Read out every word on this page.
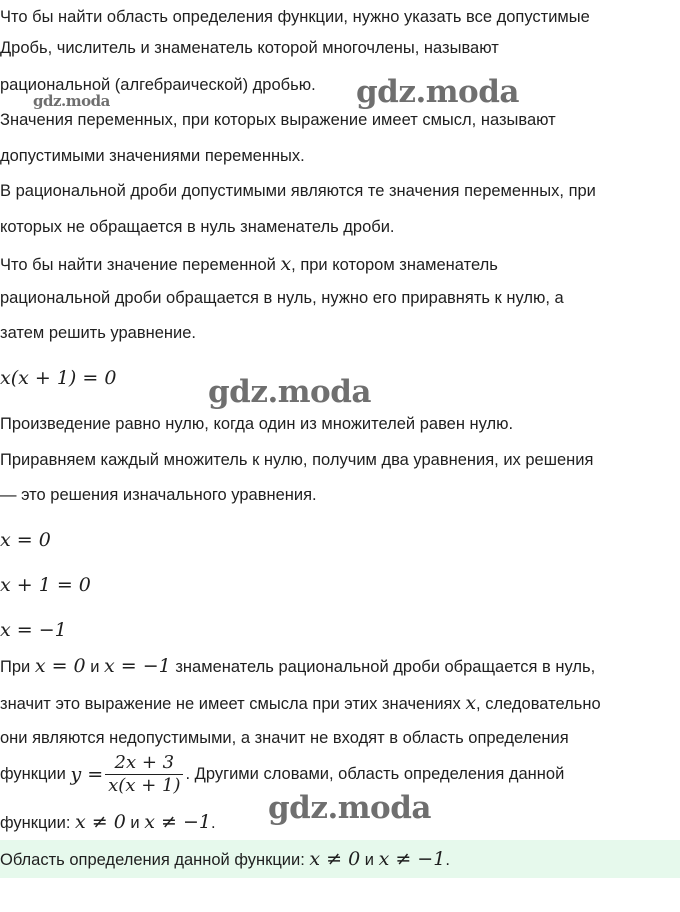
Что бы найти область определения функции, нужно указать все допустимые
Дробь, числитель и знаменатель которой многочлены, называют
рациональной (алгебраической) дробью.
Значения переменных, при которых выражение имеет смысл, называют
допустимыми значениями переменных.
В рациональной дроби допустимыми являются те значения переменных, при
которых не обращается в нуль знаменатель дроби.
Что бы найти значение переменной x, при котором знаменатель
рациональной дроби обращается в нуль, нужно его приравнять к нулю, а
затем решить уравнение.
x(x + 1) = 0
Произведение равно нулю, когда один из множителей равен нулю.
Приравняем каждый множитель к нулю, получим два уравнения, их решения
— это решения изначального уравнения.
x = 0
x + 1 = 0
x = −1
При x = 0 и x = −1 знаменатель рациональной дроби обращается в нуль,
значит это выражение не имеет смысла при этих значениях x, следовательно
они являются недопустимыми, а значит не входят в область определения
функции $y = \frac{2x + 3}{x(x + 1)}$ . Другими словами, область определения данной
функции: x ≠ 0 и x ≠ −1.
Область определения данной функции: x ≠ 0 и x ≠ −1.
gdz.moda
gdz.moda
gdz.moda
gdz.moda
